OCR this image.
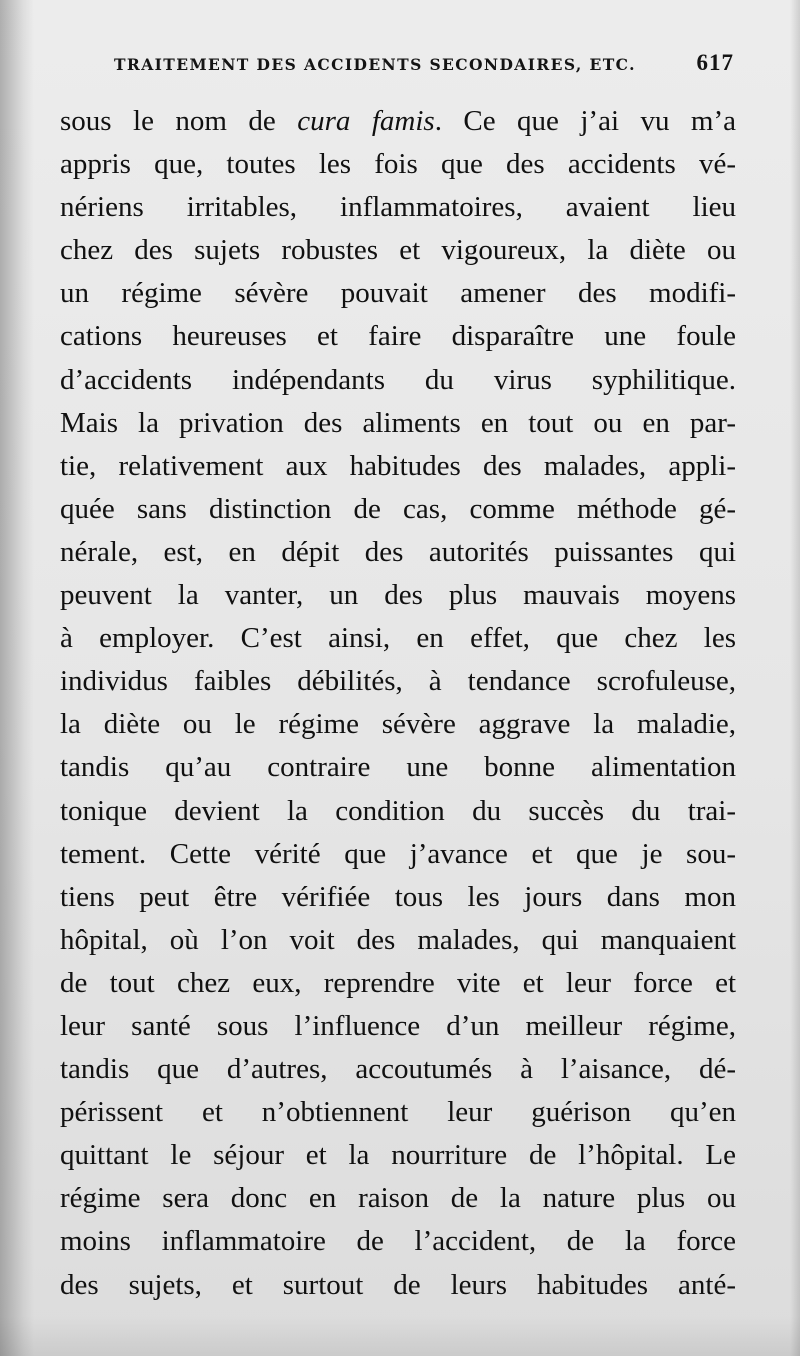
TRAITEMENT DES ACCIDENTS SECONDAIRES, ETC.	617
sous le nom de cura famis. Ce que j’ai vu m’a
appris que, toutes les fois que des accidents vé-
nériens irritables, inflammatoires, avaient lieu
chez des sujets robustes et vigoureux, la diète ou
un régime sévère pouvait amener des modifi-
cations heureuses et faire disparaître une foule
d’accidents indépendants du virus syphilitique.
Mais la privation des aliments en tout ou en par-
tie, relativement aux habitudes des malades, appli-
quée sans distinction de cas, comme méthode gé-
nérale, est, en dépit des autorités puissantes qui
peuvent la vanter, un des plus mauvais moyens
à employer. C’est ainsi, en effet, que chez les
individus faibles débilités, à tendance scrofuleuse,
la diète ou le régime sévère aggrave la maladie,
tandis qu’au contraire une bonne alimentation
tonique devient la condition du succès du trai-
tement. Cette vérité que j’avance et que je sou-
tiens peut être vérifiée tous les jours dans mon
hôpital, où l’on voit des malades, qui manquaient
de tout chez eux, reprendre vite et leur force et
leur santé sous l’influence d’un meilleur régime,
tandis que d’autres, accoutumés à l’aisance, dé-
périssent et n’obtiennent leur guérison qu’en
quittant le séjour et la nourriture de l’hôpital. Le
régime sera donc en raison de la nature plus ou
moins inflammatoire de l’accident, de la force
des sujets, et surtout de leurs habitudes anté-
